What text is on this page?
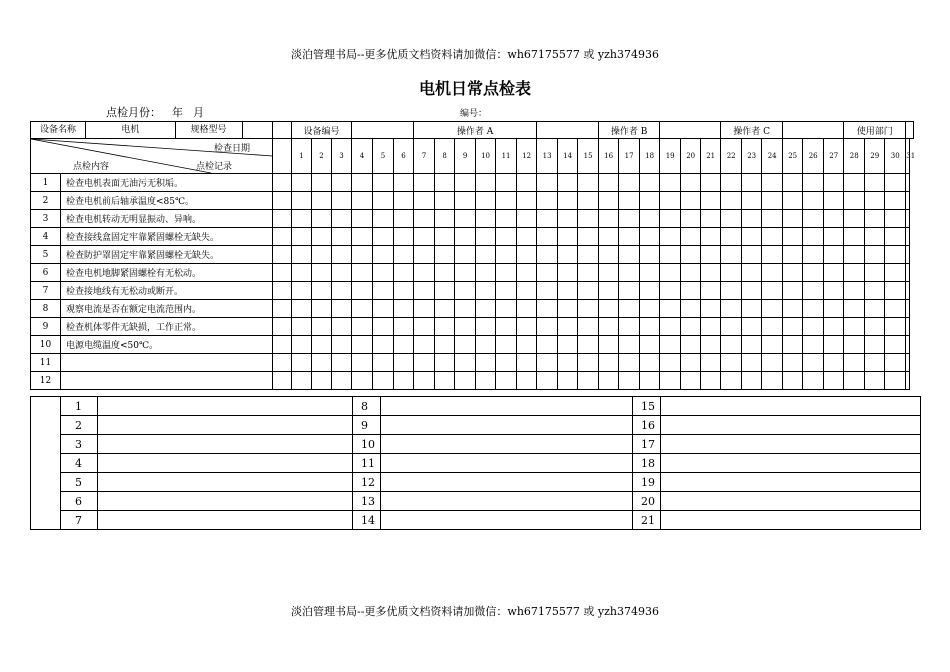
淡泊管理书局--更多优质文档资料请加微信：wh67175577 或 yzh374936
电机日常点检表
点检月份： 年 月	编号：
设备名称 电机 规格型号			设备编号						操作者 A									操作者 B						操作者 C						使用部门			

检查日期
点检内容 点检记录			1	2	3	4	5	6	7	8	9	10	11	12	13	14	15	16	17	18	19	20	21	22	23	24	25	26	27	28	29	30	31
1	检查电机表面无油污无积垢。																																
2	检查电机前后轴承温度<85℃。																																
3	检查电机转动无明显振动、异响。																																
4	检查接线盒固定牢靠紧固螺栓无缺失。																																
5	检查防护罩固定牢靠紧固螺栓无缺失。																																
6	检查电机地脚紧固螺栓有无松动。																																
7	检查接地线有无松动或断开。																																
8	观察电流是否在额定电流范围内。																																
9	检查机体零件无缺损，工作正常。																																
10	电源电缆温度<50℃。																																
11																																	
12																																	
	1		8		15	
	2		9		16	
	3		10		17	
	4		11		18	
	5		12		19	
	6		13		20	
	7		14		21	
淡泊管理书局--更多优质文档资料请加微信：wh67175577 或 yzh374936
